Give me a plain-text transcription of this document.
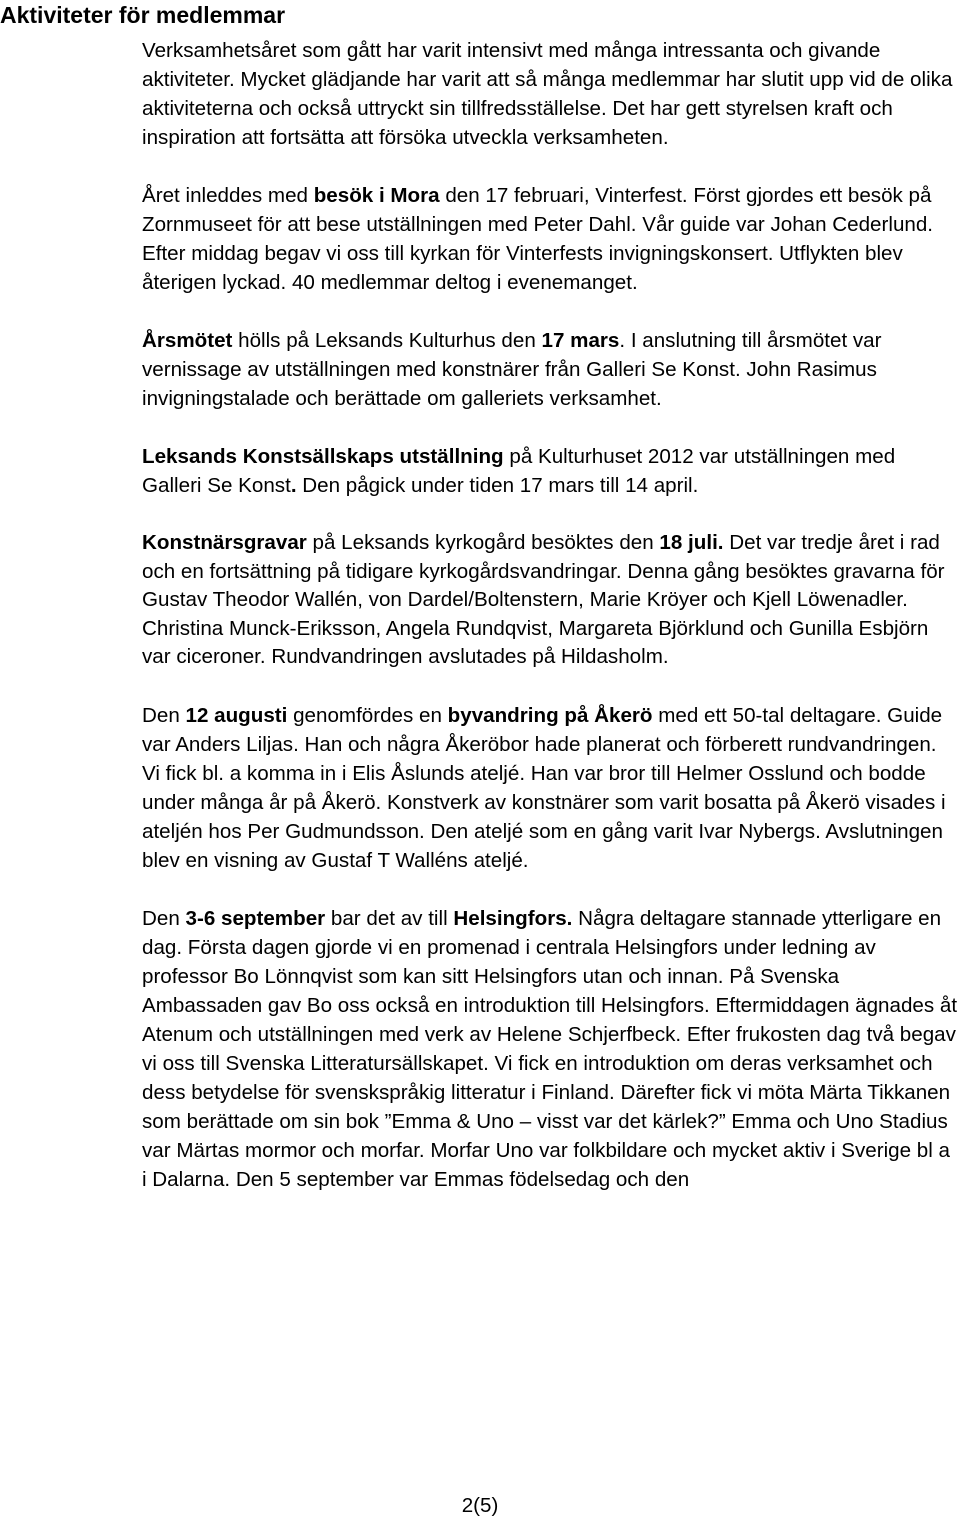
Aktiviteter för medlemmar

Verksamhetsåret som gått har varit intensivt med många intressanta och givande aktiviteter. Mycket glädjande har varit att så många medlemmar har slutit upp vid de olika aktiviteterna och också uttryckt sin tillfredsställelse. Det har gett styrelsen kraft och inspiration att fortsätta att försöka utveckla verksamheten.

Året inleddes med besök i Mora den 17 februari, Vinterfest. Först gjordes ett besök på Zornmuseet för att bese utställningen med Peter Dahl. Vår guide var Johan Cederlund. Efter middag begav vi oss till kyrkan för Vinterfests invigningskonsert. Utflykten blev återigen lyckad. 40 medlemmar deltog i evenemanget.

Årsmötet hölls på Leksands Kulturhus den 17 mars. I anslutning till årsmötet var vernissage av utställningen med konstnärer från Galleri Se Konst. John Rasimus invigningstalade och berättade om galleriets verksamhet.

Leksands Konstsällskaps utställning på Kulturhuset 2012 var utställningen med Galleri Se Konst. Den pågick under tiden 17 mars till 14 april.

Konstnärsgravar på Leksands kyrkogård besöktes den 18 juli. Det var tredje året i rad och en fortsättning på tidigare kyrkogårdsvandringar. Denna gång besöktes gravarna för Gustav Theodor Wallén, von Dardel/Boltenstern, Marie Kröyer och Kjell Löwenadler. Christina Munck-Eriksson, Angela Rundqvist, Margareta Björklund och Gunilla Esbjörn var ciceroner. Rundvandringen avslutades på Hildasholm.

Den 12 augusti genomfördes en byvandring på Åkerö med ett 50-tal deltagare. Guide var Anders Liljas. Han och några Åkeröbor hade planerat och förberett rundvandringen. Vi fick bl. a komma in i Elis Åslunds ateljé. Han var bror till Helmer Osslund och bodde under många år på Åkerö. Konstverk av konstnärer som varit bosatta på Åkerö visades i ateljén hos Per Gudmundsson. Den ateljé som en gång varit Ivar Nybergs. Avslutningen blev en visning av Gustaf T Walléns ateljé.

Den 3-6 september bar det av till Helsingfors. Några deltagare stannade ytterligare en dag. Första dagen gjorde vi en promenad i centrala Helsingfors under ledning av professor Bo Lönnqvist som kan sitt Helsingfors utan och innan. På Svenska Ambassaden gav Bo oss också en introduktion till Helsingfors. Eftermiddagen ägnades åt Atenum och utställningen med verk av Helene Schjerfbeck. Efter frukosten dag två begav vi oss till Svenska Litteratursällskapet. Vi fick en introduktion om deras verksamhet och dess betydelse för svenskspråkig litteratur i Finland. Därefter fick vi möta Märta Tikkanen som berättade om sin bok ”Emma & Uno – visst var det kärlek?” Emma och Uno Stadius var Märtas mormor och morfar. Morfar Uno var folkbildare och mycket aktiv i Sverige bl a i Dalarna. Den 5 september var Emmas födelsedag och den

2(5)
